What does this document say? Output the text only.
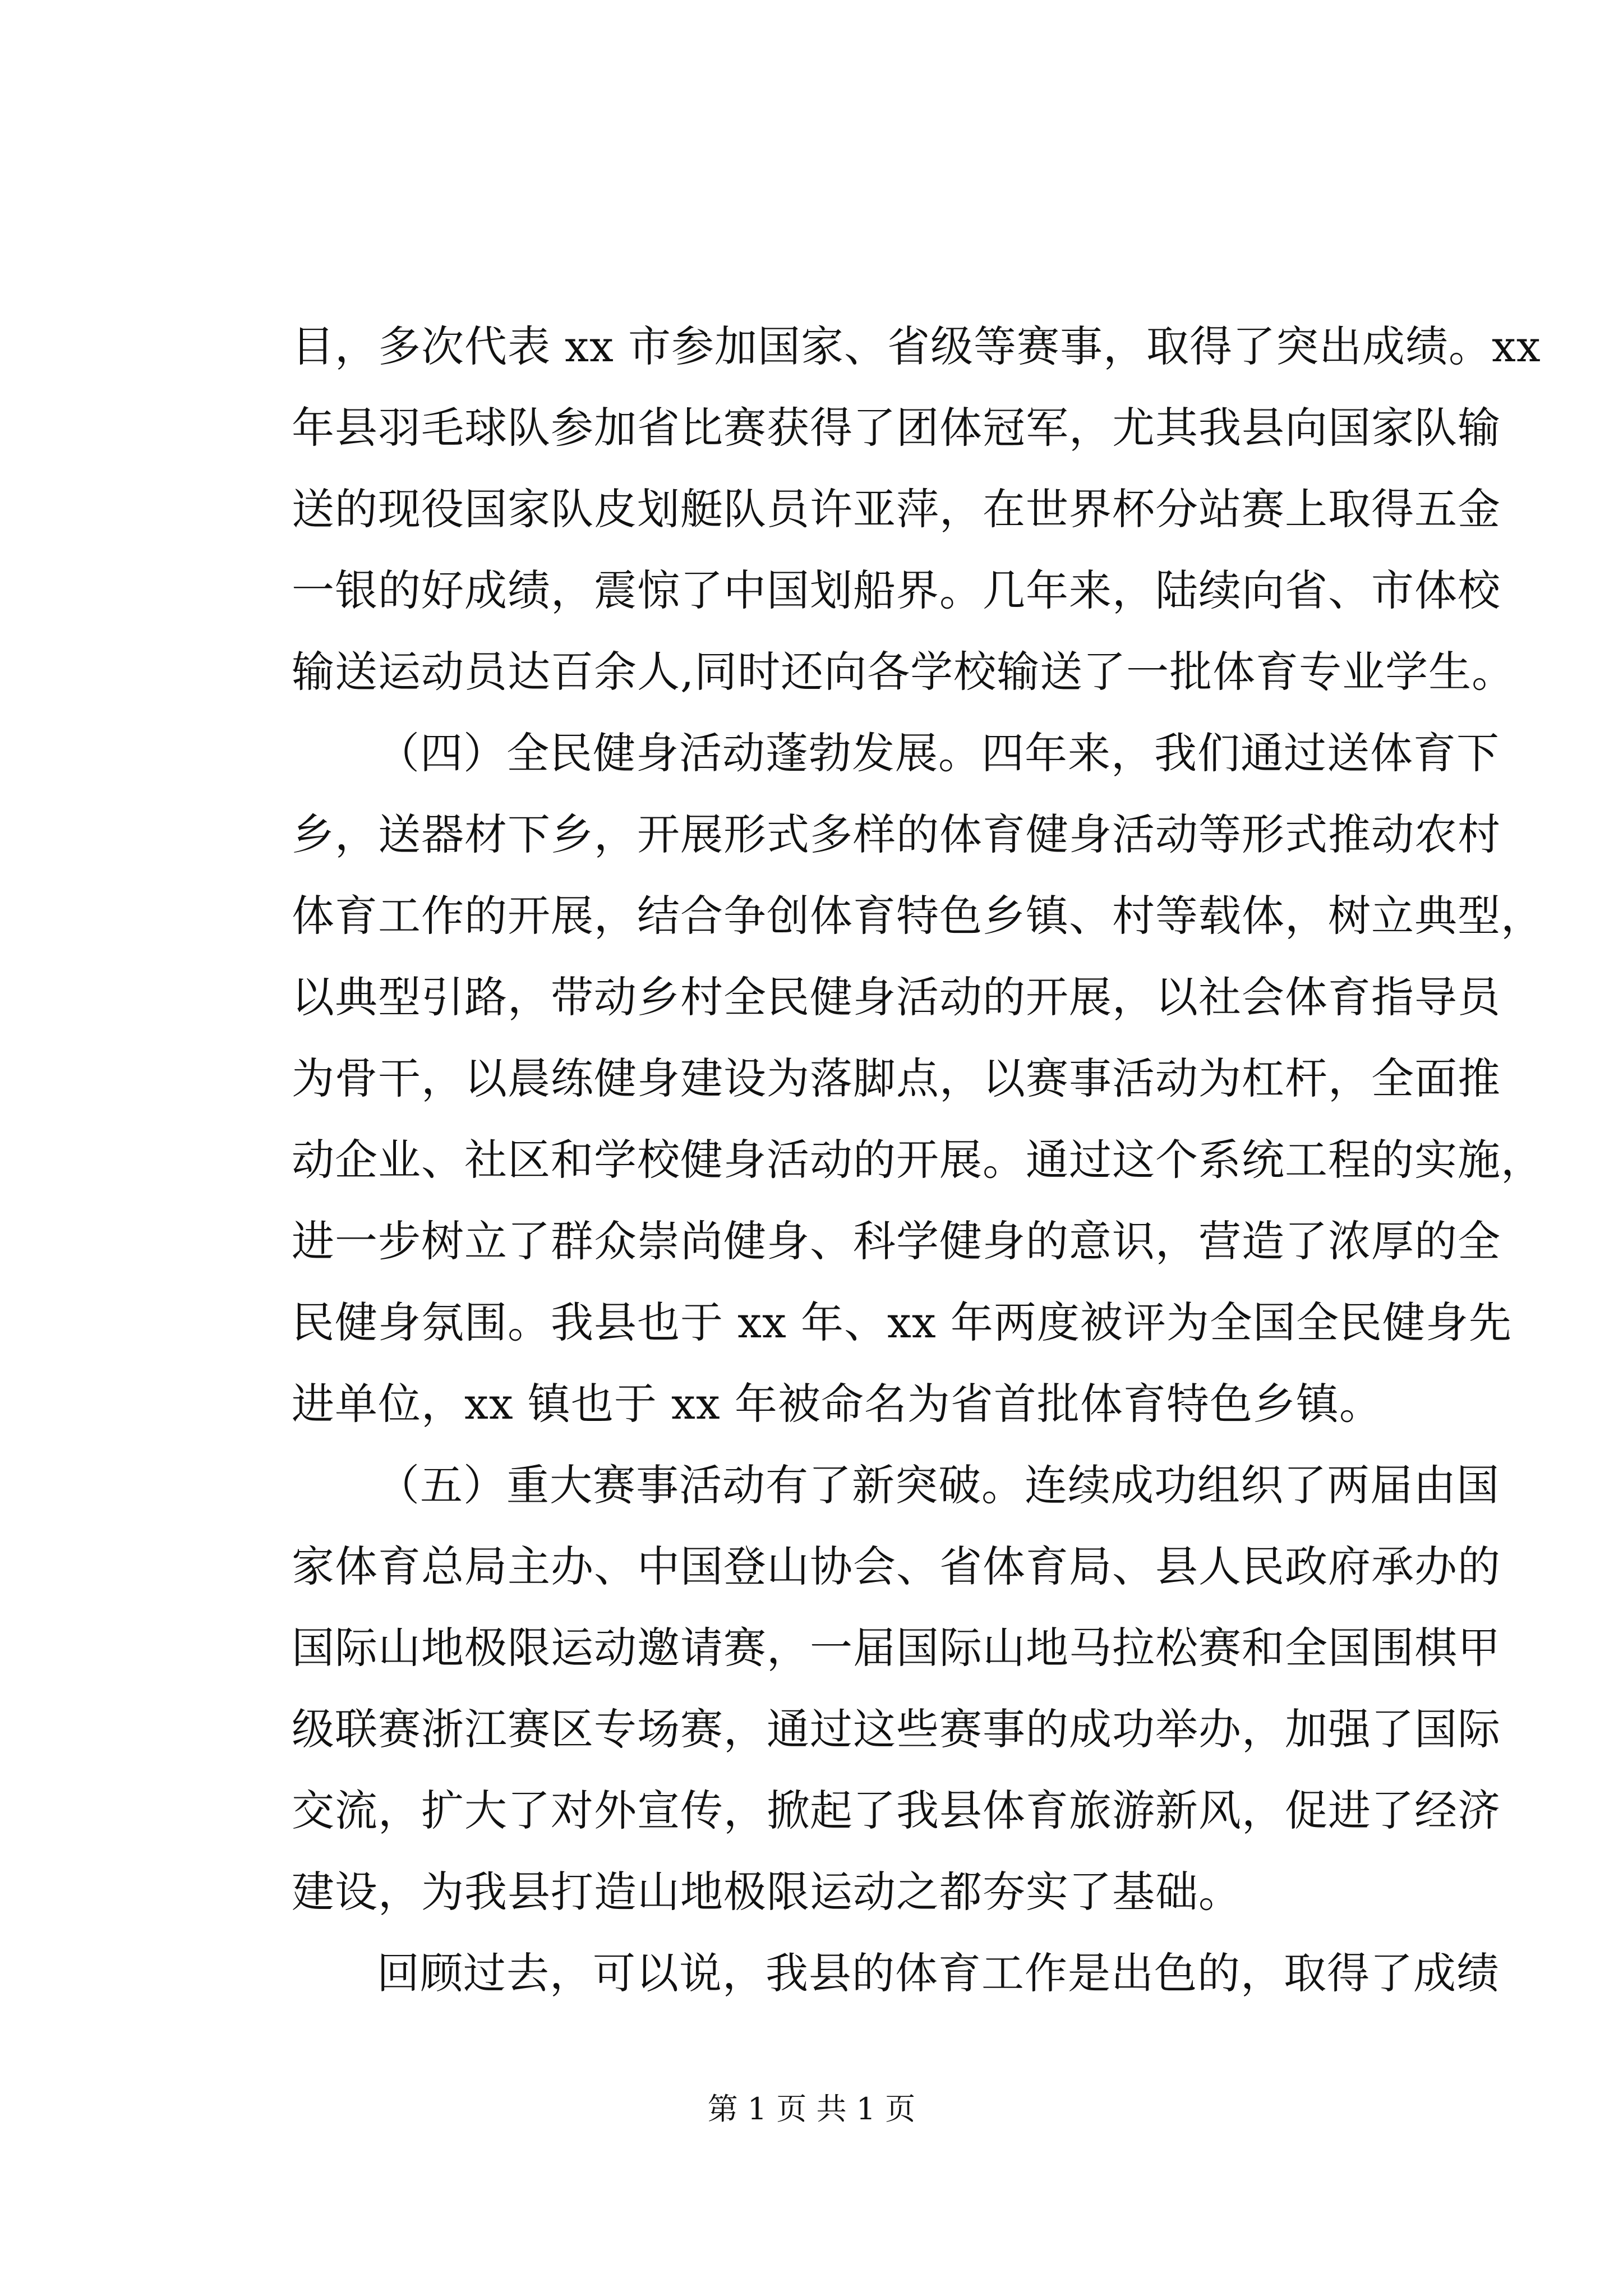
目，多次代表 xx 市参加国家、省级等赛事，取得了突出成绩。xx
年县羽毛球队参加省比赛获得了团体冠军，尤其我县向国家队输
送的现役国家队皮划艇队员许亚萍，在世界杯分站赛上取得五金
一银的好成绩，震惊了中国划船界。几年来，陆续向省、市体校
输送运动员达百余人,同时还向各学校输送了一批体育专业学生。
（四）全民健身活动蓬勃发展。四年来，我们通过送体育下
乡，送器材下乡，开展形式多样的体育健身活动等形式推动农村
体育工作的开展，结合争创体育特色乡镇、村等载体，树立典型，
以典型引路，带动乡村全民健身活动的开展，以社会体育指导员
为骨干，以晨练健身建设为落脚点，以赛事活动为杠杆，全面推
动企业、社区和学校健身活动的开展。通过这个系统工程的实施，
进一步树立了群众崇尚健身、科学健身的意识，营造了浓厚的全
民健身氛围。我县也于 xx 年、xx 年两度被评为全国全民健身先
进单位，xx 镇也于 xx 年被命名为省首批体育特色乡镇。
（五）重大赛事活动有了新突破。连续成功组织了两届由国
家体育总局主办、中国登山协会、省体育局、县人民政府承办的
国际山地极限运动邀请赛，一届国际山地马拉松赛和全国围棋甲
级联赛浙江赛区专场赛，通过这些赛事的成功举办，加强了国际
交流，扩大了对外宣传，掀起了我县体育旅游新风，促进了经济
建设，为我县打造山地极限运动之都夯实了基础。
回顾过去，可以说，我县的体育工作是出色的，取得了成绩
第 1 页 共 1 页
